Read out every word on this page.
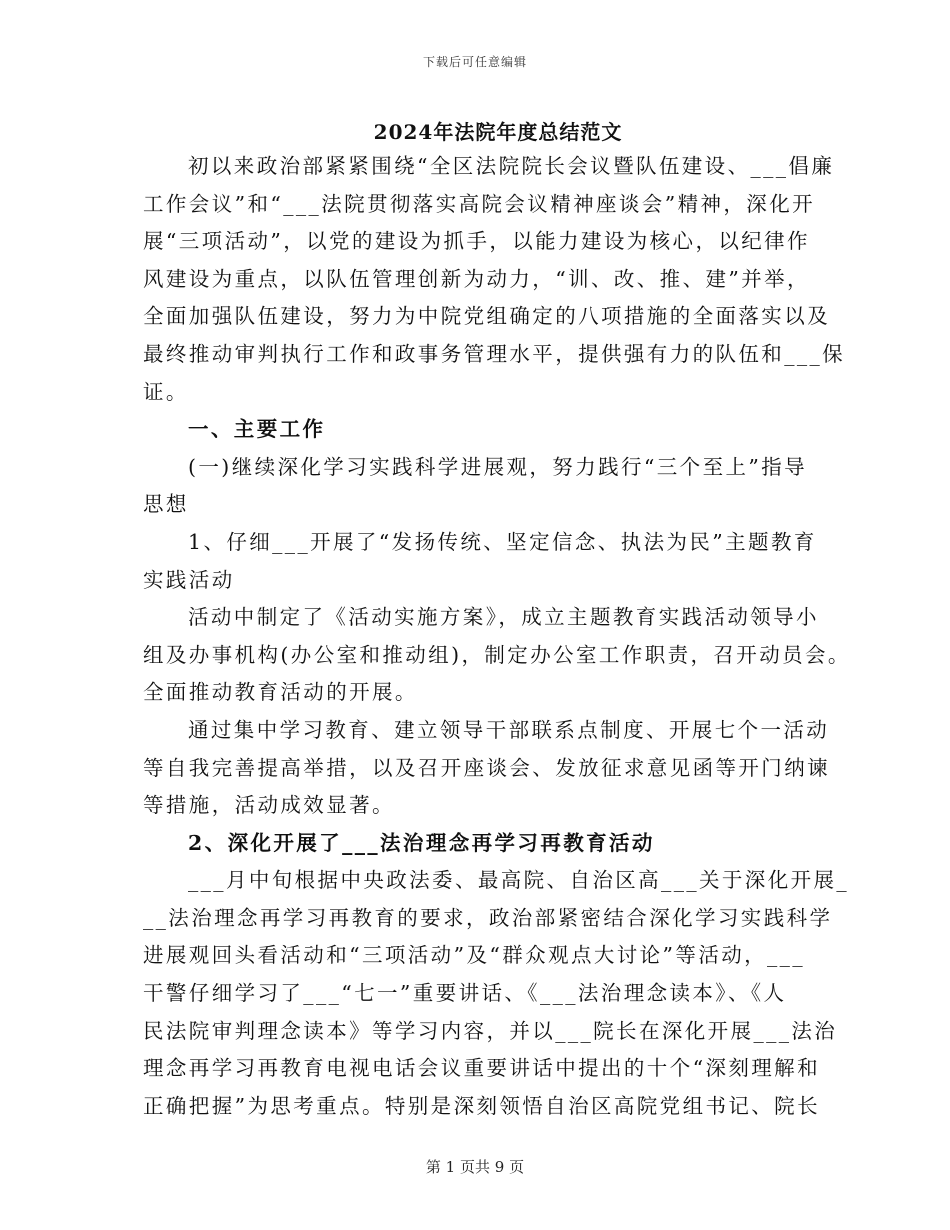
下载后可任意编辑
2024年法院年度总结范文
初以来政治部紧紧围绕“全区法院院长会议暨队伍建设、___倡廉
工作会议”和“___法院贯彻落实高院会议精神座谈会”精神，深化开
展“三项活动”，以党的建设为抓手，以能力建设为核心，以纪律作
风建设为重点，以队伍管理创新为动力，“训、改、推、建”并举，
全面加强队伍建设，努力为中院党组确定的八项措施的全面落实以及
最终推动审判执行工作和政事务管理水平，提供强有力的队伍和___保
证。
一、主要工作
(一)继续深化学习实践科学进展观，努力践行“三个至上”指导
思想
1、仔细___开展了“发扬传统、坚定信念、执法为民”主题教育
实践活动
活动中制定了《活动实施方案》，成立主题教育实践活动领导小
组及办事机构(办公室和推动组)，制定办公室工作职责，召开动员会。
全面推动教育活动的开展。
通过集中学习教育、建立领导干部联系点制度、开展七个一活动
等自我完善提高举措，以及召开座谈会、发放征求意见函等开门纳谏
等措施，活动成效显著。
2、深化开展了___法治理念再学习再教育活动
___月中旬根据中央政法委、最高院、自治区高___关于深化开展_
__法治理念再学习再教育的要求，政治部紧密结合深化学习实践科学
进展观回头看活动和“三项活动”及“群众观点大讨论”等活动，___
干警仔细学习了___“七一”重要讲话、《___法治理念读本》、《人
民法院审判理念读本》等学习内容，并以___院长在深化开展___法治
理念再学习再教育电视电话会议重要讲话中提出的十个“深刻理解和
正确把握”为思考重点。特别是深刻领悟自治区高院党组书记、院长
第 1 页共 9 页
